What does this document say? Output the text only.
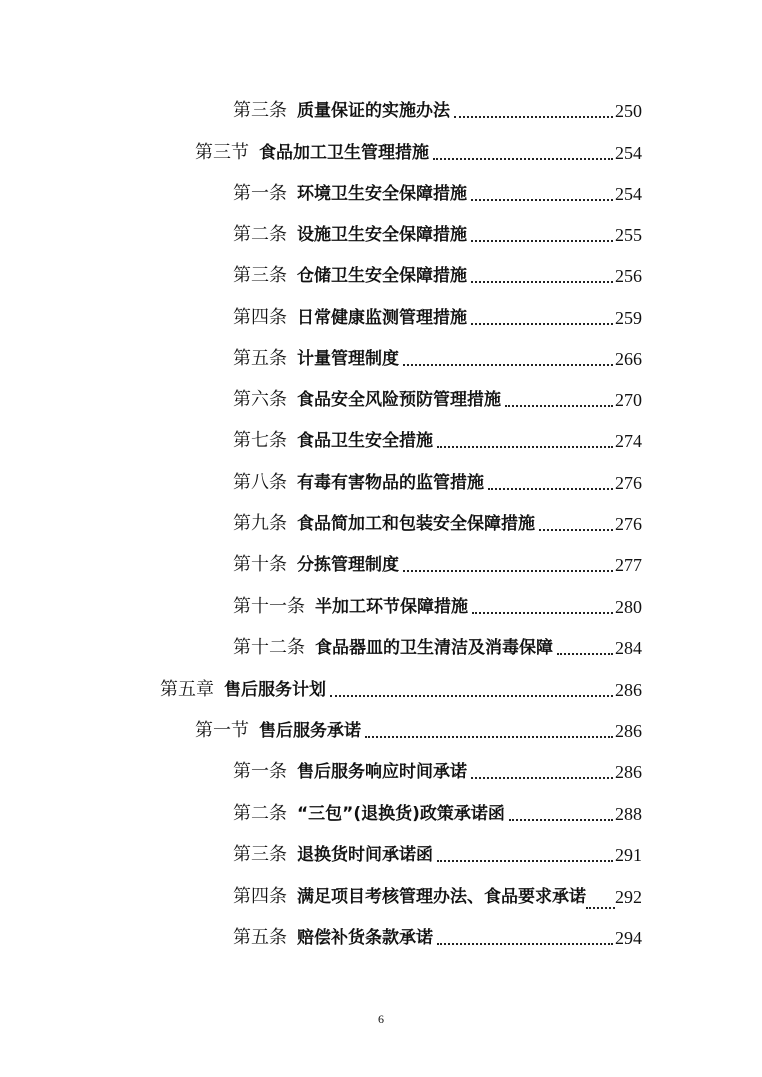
第三条 质量保证的实施办法	250
第三节 食品加工卫生管理措施	254
第一条 环境卫生安全保障措施	254
第二条 设施卫生安全保障措施	255
第三条 仓储卫生安全保障措施	256
第四条 日常健康监测管理措施	259
第五条 计量管理制度	266
第六条 食品安全风险预防管理措施	270
第七条 食品卫生安全措施	274
第八条 有毒有害物品的监管措施	276
第九条 食品简加工和包装安全保障措施	276
第十条 分拣管理制度	277
第十一条 半加工环节保障措施	280
第十二条 食品器皿的卫生清洁及消毒保障	284
第五章 售后服务计划	286
第一节 售后服务承诺	286
第一条 售后服务响应时间承诺	286
第二条 “三包”(退换货)政策承诺函	288
第三条 退换货时间承诺函	291
第四条 满足项目考核管理办法、食品要求承诺 292
第五条 赔偿补货条款承诺	294
6
